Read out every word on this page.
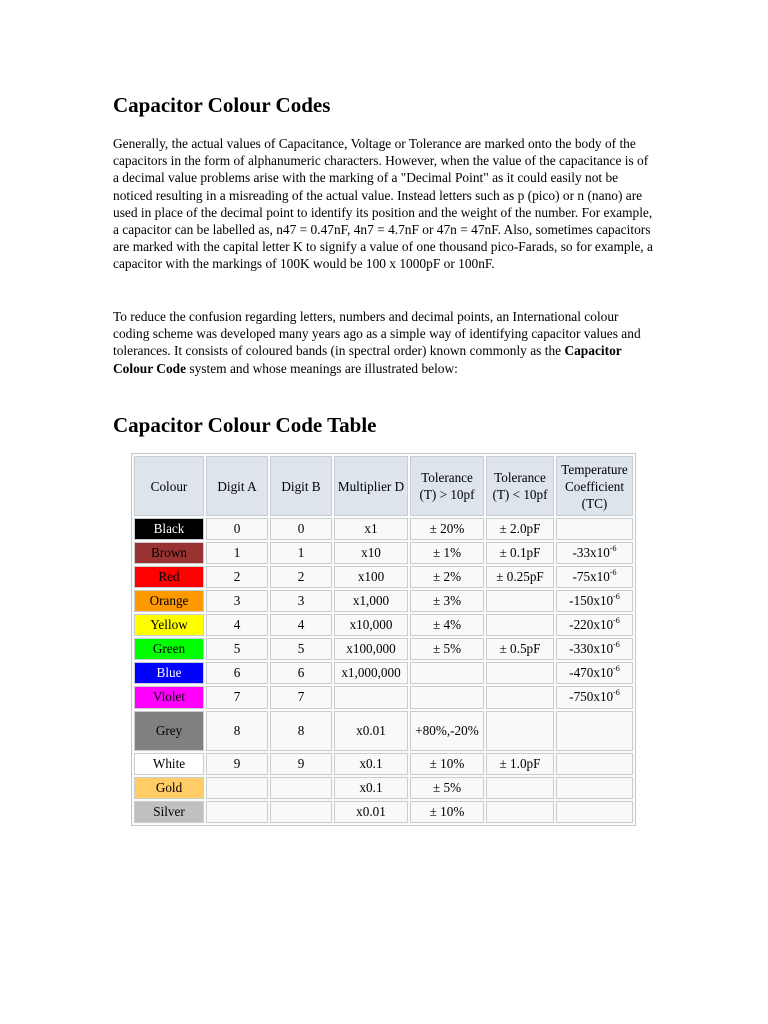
Capacitor Colour Codes

Generally, the actual values of Capacitance, Voltage or Tolerance are marked onto the body of the capacitors in the form of alphanumeric characters. However, when the value of the capacitance is of a decimal value problems arise with the marking of a "Decimal Point" as it could easily not be noticed resulting in a misreading of the actual value. Instead letters such as p (pico) or n (nano) are used in place of the decimal point to identify its position and the weight of the number. For example, a capacitor can be labelled as, n47 = 0.47nF, 4n7 = 4.7nF or 47n = 47nF. Also, sometimes capacitors are marked with the capital letter K to signify a value of one thousand pico-Farads, so for example, a capacitor with the markings of 100K would be 100 x 1000pF or 100nF.

To reduce the confusion regarding letters, numbers and decimal points, an International colour coding scheme was developed many years ago as a simple way of identifying capacitor values and tolerances. It consists of coloured bands (in spectral order) known commonly as the Capacitor Colour Code system and whose meanings are illustrated below:

Capacitor Colour Code Table
Colour	Digit A	Digit B	Multiplier D	Tolerance (T) > 10pf	Tolerance (T) < 10pf	Temperature Coefficient (TC)
Black	0	0	x1	± 20%	± 2.0pF	
Brown	1	1	x10	± 1%	± 0.1pF	$-33x10^{-6}$
Red	2	2	x100	± 2%	± 0.25pF	$-75x10^{-6}$
Orange	3	3	x1,000	± 3%		$-150x10^{-6}$
Yellow	4	4	x10,000	± 4%		$-220x10^{-6}$
Green	5	5	x100,000	± 5%	± 0.5pF	$-330x10^{-6}$
Blue	6	6	x1,000,000			$-470x10^{-6}$
Violet	7	7				$-750x10^{-6}$
Grey	8	8	x0.01	+80%,-20%		
White	9	9	x0.1	± 10%	± 1.0pF	
Gold			x0.1	± 5%		
Silver			x0.01	± 10%		
